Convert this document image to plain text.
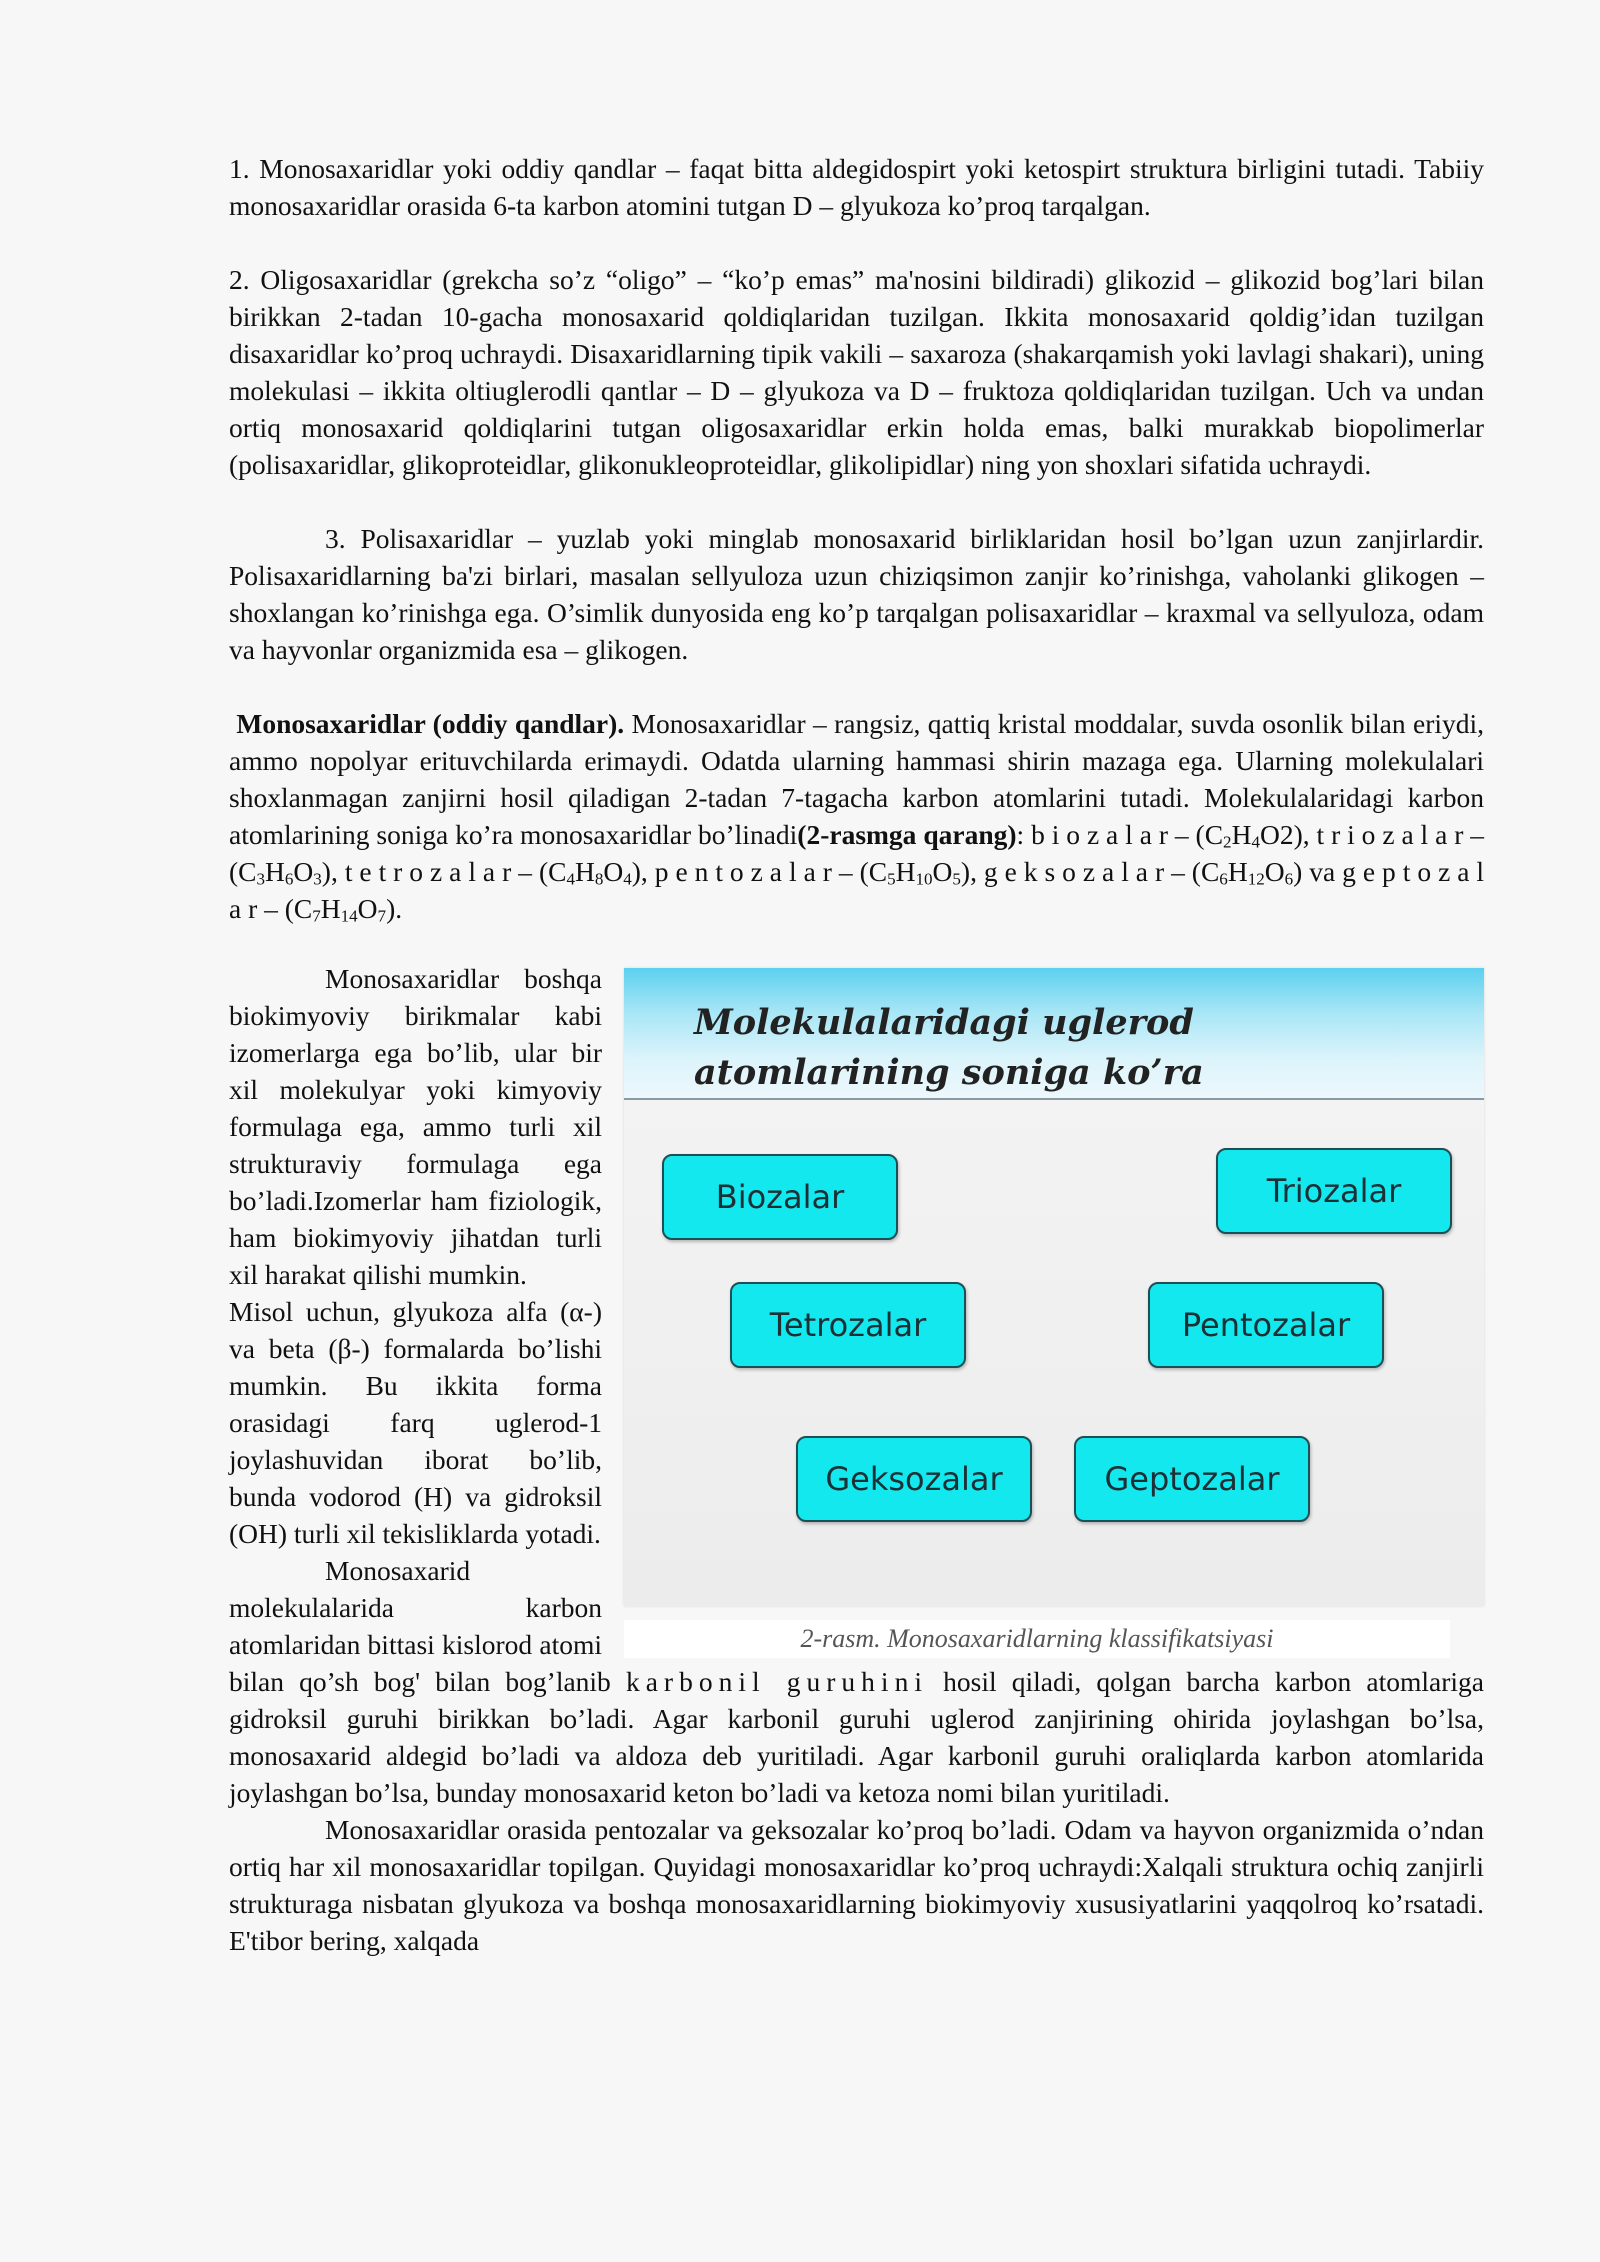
1. Monosaxaridlar yoki oddiy qandlar – faqat bitta aldegidospirt yoki ketospirt struktura birligini tutadi. Tabiiy monosaxaridlar orasida 6-ta karbon atomini tutgan D – glyukoza ko’proq tarqalgan.

2. Oligosaxaridlar (grekcha so’z “oligo” – “ko’p emas” ma'nosini bildiradi) glikozid – glikozid bog’lari bilan birikkan 2-tadan 10-gacha monosaxarid qoldiqlaridan tuzilgan. Ikkita monosaxarid qoldig’idan tuzilgan disaxaridlar ko’proq uchraydi. Disaxaridlarning tipik vakili – saxaroza (shakarqamish yoki lavlagi shakari), uning molekulasi – ikkita oltiuglerodli qantlar – D – glyukoza va D – fruktoza qoldiqlaridan tuzilgan. Uch va undan ortiq monosaxarid qoldiqlarini tutgan oligosaxaridlar erkin holda emas, balki murakkab biopolimerlar (polisaxaridlar, glikoproteidlar, glikonukleoproteidlar, glikolipidlar) ning yon shoxlari sifatida uchraydi.

3. Polisaxaridlar – yuzlab yoki minglab monosaxarid birliklaridan hosil bo’lgan uzun zanjirlardir. Polisaxaridlarning ba'zi birlari, masalan sellyuloza uzun chiziqsimon zanjir ko’rinishga, vaholanki glikogen – shoxlangan ko’rinishga ega. O’simlik dunyosida eng ko’p tarqalgan polisaxaridlar – kraxmal va sellyuloza, odam va hayvonlar organizmida esa – glikogen.

Monosaxaridlar (oddiy qandlar). Monosaxaridlar – rangsiz, qattiq kristal moddalar, suvda osonlik bilan eriydi, ammo nopolyar erituvchilarda erimaydi. Odatda ularning hammasi shirin mazaga ega. Ularning molekulalari shoxlanmagan zanjirni hosil qiladigan 2-tadan 7-tagacha karbon atomlarini tutadi. Molekulalaridagi karbon atomlarining soniga ko’ra monosaxaridlar bo’linadi(2-rasmga qarang): b i o z a l a r – $(C_2H_4O2)$, t r i o z a l a r – $(C_3H_6O_3)$, t e t r o z a l a r – $(C_4H_8O_4)$, p e n t o z a l a r – $(C_5H_{10}O_5)$, g e k s o z a l a r – $(C_6H_{12}O_6)$ va g e p t o z a l a r – $(C_7H_{14}O_7)$.

Molekulalaridagi uglerod atomlarining soniga ko’ra
Biozalar	Triozalar
Tetrozalar	Pentozalar
Geksozalar	Geptozalar
2-rasm. Monosaxaridlarning klassifikatsiyasi

Monosaxaridlar boshqa biokimyoviy birikmalar kabi izomerlarga ega bo’lib, ular bir xil molekulyar yoki kimyoviy formulaga ega, ammo turli xil strukturaviy formulaga ega bo’ladi.Izomerlar ham fiziologik, ham biokimyoviy jihatdan turli xil harakat qilishi mumkin.

Misol uchun, glyukoza alfa (α-) va beta (β-) formalarda bo’lishi mumkin. Bu ikkita forma orasidagi farq uglerod-1 joylashuvidan iborat bo’lib, bunda vodorod (H) va gidroksil (OH) turli xil tekisliklarda yotadi.

Monosaxarid molekulalarida karbon atomlaridan bittasi kislorod atomi bilan qo’sh bog' bilan bog’lanib karbonil guruhini hosil qiladi, qolgan barcha karbon atomlariga gidroksil guruhi birikkan bo’ladi. Agar karbonil guruhi uglerod zanjirining ohirida joylashgan bo’lsa, monosaxarid aldegid bo’ladi va aldoza deb yuritiladi. Agar karbonil guruhi oraliqlarda karbon atomlarida joylashgan bo’lsa, bunday monosaxarid keton bo’ladi va ketoza nomi bilan yuritiladi.

Monosaxaridlar orasida pentozalar va geksozalar ko’proq bo’ladi. Odam va hayvon organizmida o’ndan ortiq har xil monosaxaridlar topilgan. Quyidagi monosaxaridlar ko’proq uchraydi:Xalqali struktura ochiq zanjirli strukturaga nisbatan glyukoza va boshqa monosaxaridlarning biokimyoviy xususiyatlarini yaqqolroq ko’rsatadi. E'tibor bering, xalqada
